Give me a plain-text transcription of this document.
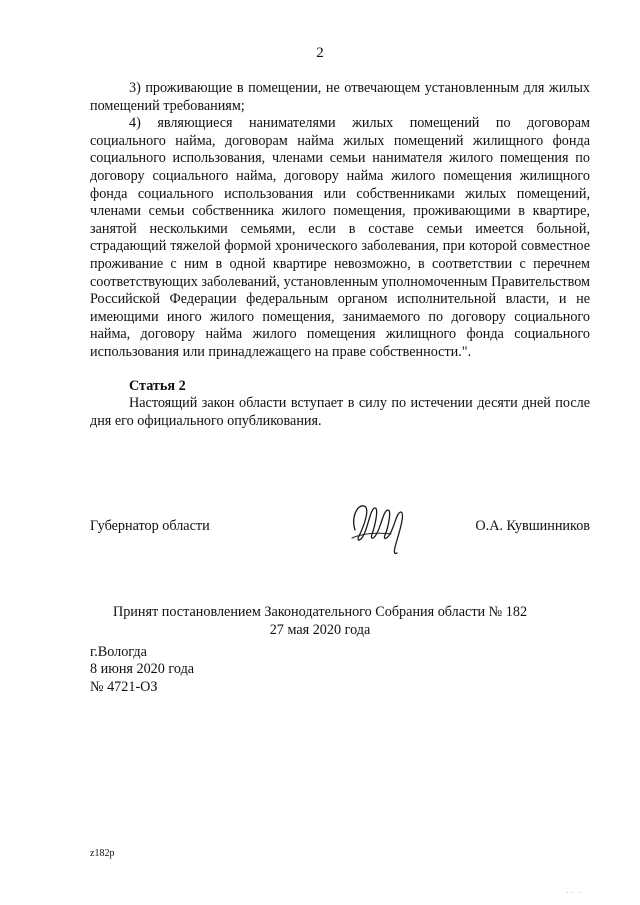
2

3) проживающие в помещении, не отвечающем установленным для жилых помещений требованиям;

4) являющиеся нанимателями жилых помещений по договорам социального найма, договорам найма жилых помещений жилищного фонда социального использования, членами семьи нанимателя жилого помещения по договору социального найма, договору найма жилого помещения жилищного фонда социального использования или собственниками жилых помещений, членами семьи собственника жилого помещения, проживающими в квартире, занятой несколькими семьями, если в составе семьи имеется больной, страдающий тяжелой формой хронического заболевания, при которой совместное проживание с ним в одной квартире невозможно, в соответствии с перечнем соответствующих заболеваний, установленным уполномоченным Правительством Российской Федерации федеральным органом исполнительной власти, и не имеющими иного жилого помещения, занимаемого по договору социального найма, договору найма жилого помещения жилищного фонда социального использования или принадлежащего на праве собственности.".

Статья 2

Настоящий закон области вступает в силу по истечении десяти дней после дня его официального опубликования.

Губернатор области	О.А. Кувшинников
Принят постановлением Законодательного Собрания области № 182
27 мая 2020 года
г.Вологда
8 июня 2020 года
№ 4721-ОЗ
z182p
·· ·
